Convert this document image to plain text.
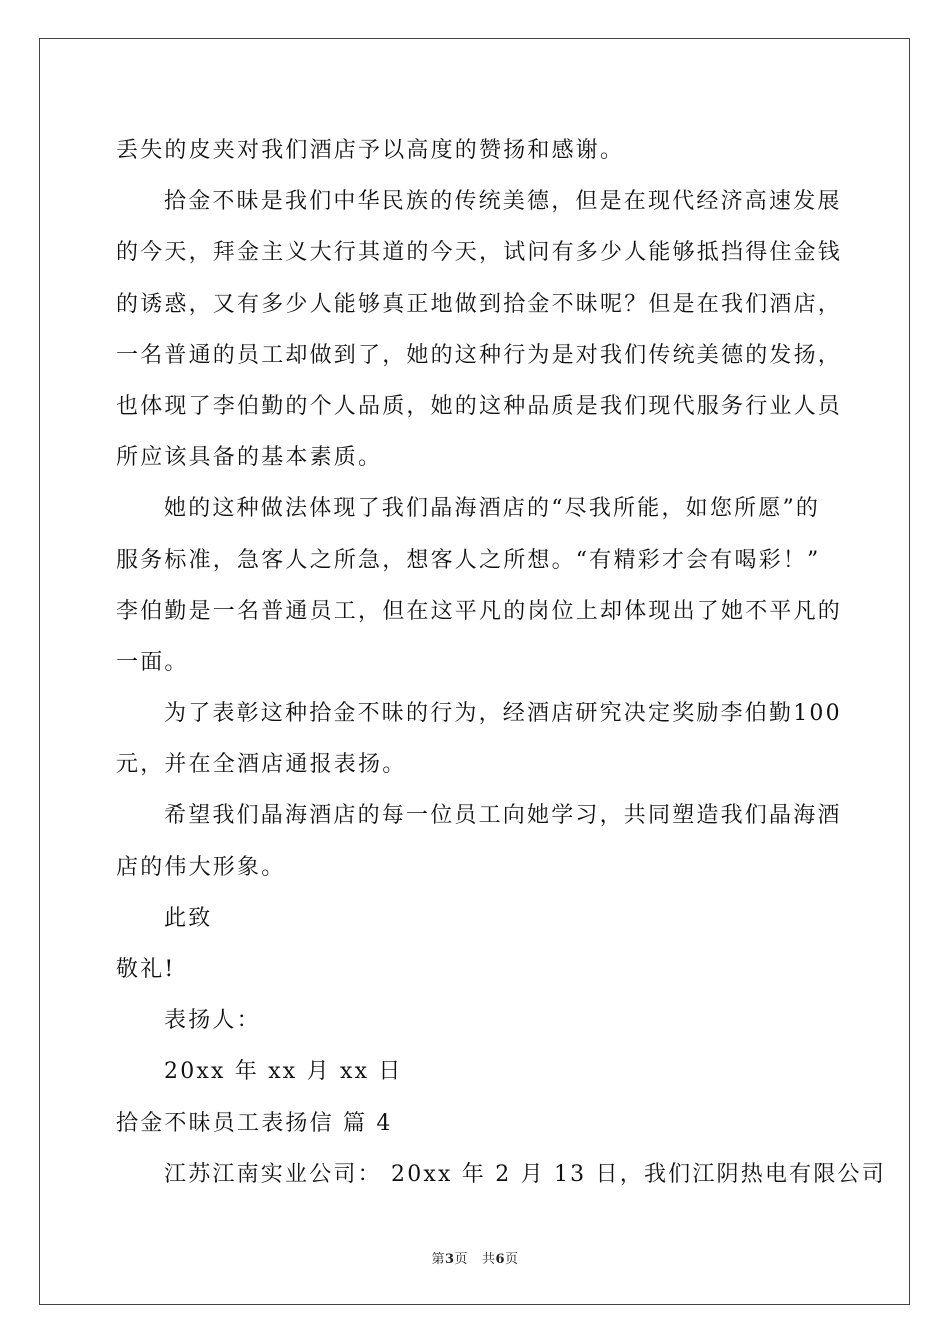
丢失的皮夹对我们酒店予以高度的赞扬和感谢。
拾金不昧是我们中华民族的传统美德，但是在现代经济高速发展
的今天，拜金主义大行其道的今天，试问有多少人能够抵挡得住金钱
的诱惑，又有多少人能够真正地做到拾金不昧呢？但是在我们酒店，
一名普通的员工却做到了，她的这种行为是对我们传统美德的发扬，
也体现了李伯勤的个人品质，她的这种品质是我们现代服务行业人员
所应该具备的基本素质。
她的这种做法体现了我们晶海酒店的“尽我所能，如您所愿”的
服务标准，急客人之所急，想客人之所想。“有精彩才会有喝彩！”
李伯勤是一名普通员工，但在这平凡的岗位上却体现出了她不平凡的
一面。
为了表彰这种拾金不昧的行为，经酒店研究决定奖励李伯勤100
元，并在全酒店通报表扬。
希望我们晶海酒店的每一位员工向她学习，共同塑造我们晶海酒
店的伟大形象。
此致
敬礼!
表扬人：
20xx 年 xx 月 xx 日
拾金不昧员工表扬信 篇 4
江苏江南实业公司： 20xx 年 2 月 13 日，我们江阴热电有限公司
第3页 共6页
